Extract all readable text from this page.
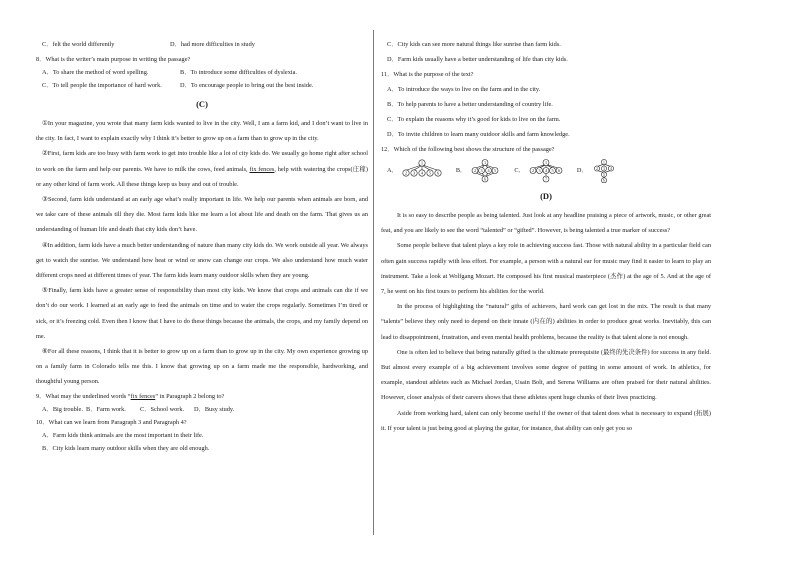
C．felt the world differently	D．had more difficulties in study
8．What is the writer’s main purpose in writing the passage?
A．To share the method of word spelling.	B．To introduce some difficulties of dyslexia.
C．To tell people the importance of hard work.	D．To encourage people to bring out the best inside.
(C)
①In your magazine, you wrote that many farm kids wanted to live in the city. Well, I am a farm kid, and I don’t want to live in the city. In fact, I want to explain exactly why I think it’s better to grow up on a farm than to grow up in the city.
②First, farm kids are too busy with farm work to get into trouble like a lot of city kids do. We usually go home right after school to work on the farm and help our parents. We have to milk the cows, feed animals, fix fences, help with watering the crops(庄稼) or any other kind of farm work. All these things keep us busy and out of trouble.
③Second, farm kids understand at an early age what’s really important in life. We help our parents when animals are born, and we take care of these animals till they die. Most farm kids like me learn a lot about life and death on the farm. That gives us an understanding of human life and death that city kids don’t have.
④In addition, farm kids have a much better understanding of nature than many city kids do. We work outside all year. We always get to watch the sunrise. We understand how heat or wind or snow can change our crops. We also understand how much water different crops need at different times of year. The farm kids learn many outdoor skills when they are young.
⑤Finally, farm kids have a greater sense of responsibility than most city kids. We know that crops and animals can die if we don’t do our work. I learned at an early age to feed the animals on time and to water the crops regularly. Sometimes I’m tired or sick, or it’s freezing cold. Even then I know that I have to do these things because the animals, the crops, and my family depend on me.
⑥For all these reasons, I think that it is better to grow up on a farm than to grow up in the city. My own experience growing up on a family farm in Colorado tells me this. I know that growing up on a farm made me the responsible, hardworking, and thoughtful young person.
9．What may the underlined words “fix fences” in Paragraph 2 belong to?
A．Big trouble. B．Farm work.	C．School work.	D．Busy study.
10．What can we learn from Paragraph 3 and Paragraph 4?
A．Farm kids think animals are the most important in their life.
B．City kids learn many outdoor skills when they are old enough.
C．City kids can see more natural things like sunrise than farm kids.
D．Farm kids usually have a better understanding of life than city kids.
11．What is the purpose of the text?
A．To introduce the ways to live on the farm and in the city.
B．To help parents to have a better understanding of country life.
C．To explain the reasons why it’s good for kids to live on the farm.
D．To invite children to learn many outdoor skills and farm knowledge.
12．Which of the following best shows the structure of the passage?
A．
1
2 3 4 5 6	B．
1
2 3 4 5
6
C．
1
2 3 4 5 6
7
D．
1
2 3 4
5
6
(D)
It is so easy to describe people as being talented. Just look at any headline praising a piece of artwork, music, or other great feat, and you are likely to see the word “talented” or “gifted”. However, is being talented a true marker of success?
Some people believe that talent plays a key role in achieving success fast. Those with natural ability in a particular field can often gain success rapidly with less effort. For example, a person with a natural ear for music may find it easier to learn to play an instrument. Take a look at Wolfgang Mozart. He composed his first musical masterpiece (杰作) at the age of 5. And at the age of 7, he went on his first tours to perform his abilities for the world.
In the process of highlighting the “natural” gifts of achievers, hard work can get lost in the mix. The result is that many “talents” believe they only need to depend on their innate (内在的) abilities in order to produce great works. Inevitably, this can lead to disappointment, frustration, and even mental health problems, because the reality is that talent alone is not enough.
One is often led to believe that being naturally gifted is the ultimate prerequisite (最终的先决条件) for success in any field. But almost every example of a big achievement involves some degree of putting in some amount of work. In athletics, for example, standout athletes such as Michael Jordan, Usain Bolt, and Serena Williams are often praised for their natural abilities. However, closer analysis of their careers shows that these athletes spent huge chunks of their lives practicing.
Aside from working hard, talent can only become useful if the owner of that talent does what is necessary to expand (拓展) it. If your talent is just being good at playing the guitar, for instance, that ability can only get you so
